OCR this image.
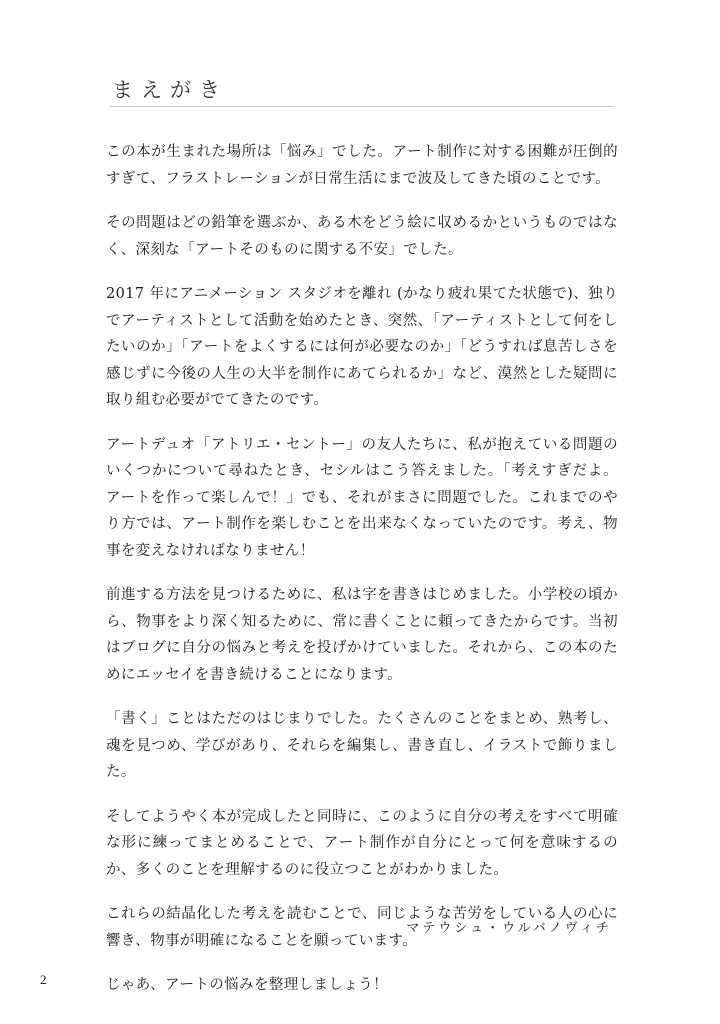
まえがき

この本が生まれた場所は「悩み」でした。アート制作に対する困難が圧倒的すぎて、フラストレーションが日常生活にまで波及してきた頃のことです。

その問題はどの鉛筆を選ぶか、ある木をどう絵に収めるかというものではなく、深刻な「アートそのものに関する不安」でした。

2017 年にアニメーション スタジオを離れ (かなり疲れ果てた状態で)、独りでアーティストとして活動を始めたとき、突然、「アーティストとして何をしたいのか」「アートをよくするには何が必要なのか」「どうすれば息苦しさを感じずに今後の人生の大半を制作にあてられるか」など、漠然とした疑問に取り組む必要がでてきたのです。

アートデュオ「アトリエ・セントー」の友人たちに、私が抱えている問題のいくつかについて尋ねたとき、セシルはこう答えました。「考えすぎだよ。アートを作って楽しんで！」でも、それがまさに問題でした。これまでのやり方では、アート制作を楽しむことを出来なくなっていたのです。考え、物事を変えなければなりません！

前進する方法を見つけるために、私は字を書きはじめました。小学校の頃から、物事をより深く知るために、常に書くことに頼ってきたからです。当初はブログに自分の悩みと考えを投げかけていました。それから、この本のためにエッセイを書き続けることになります。

「書く」ことはただのはじまりでした。たくさんのことをまとめ、熟考し、魂を見つめ、学びがあり、それらを編集し、書き直し、イラストで飾りました。

そしてようやく本が完成したと同時に、このように自分の考えをすべて明確な形に練ってまとめることで、アート制作が自分にとって何を意味するのか、多くのことを理解するのに役立つことがわかりました。

これらの結晶化した考えを読むことで、同じような苦労をしている人の心に響き、物事が明確になることを願っています。

じゃあ、アートの悩みを整理しましょう！

マテウシュ・ウルバノヴィチ
2
